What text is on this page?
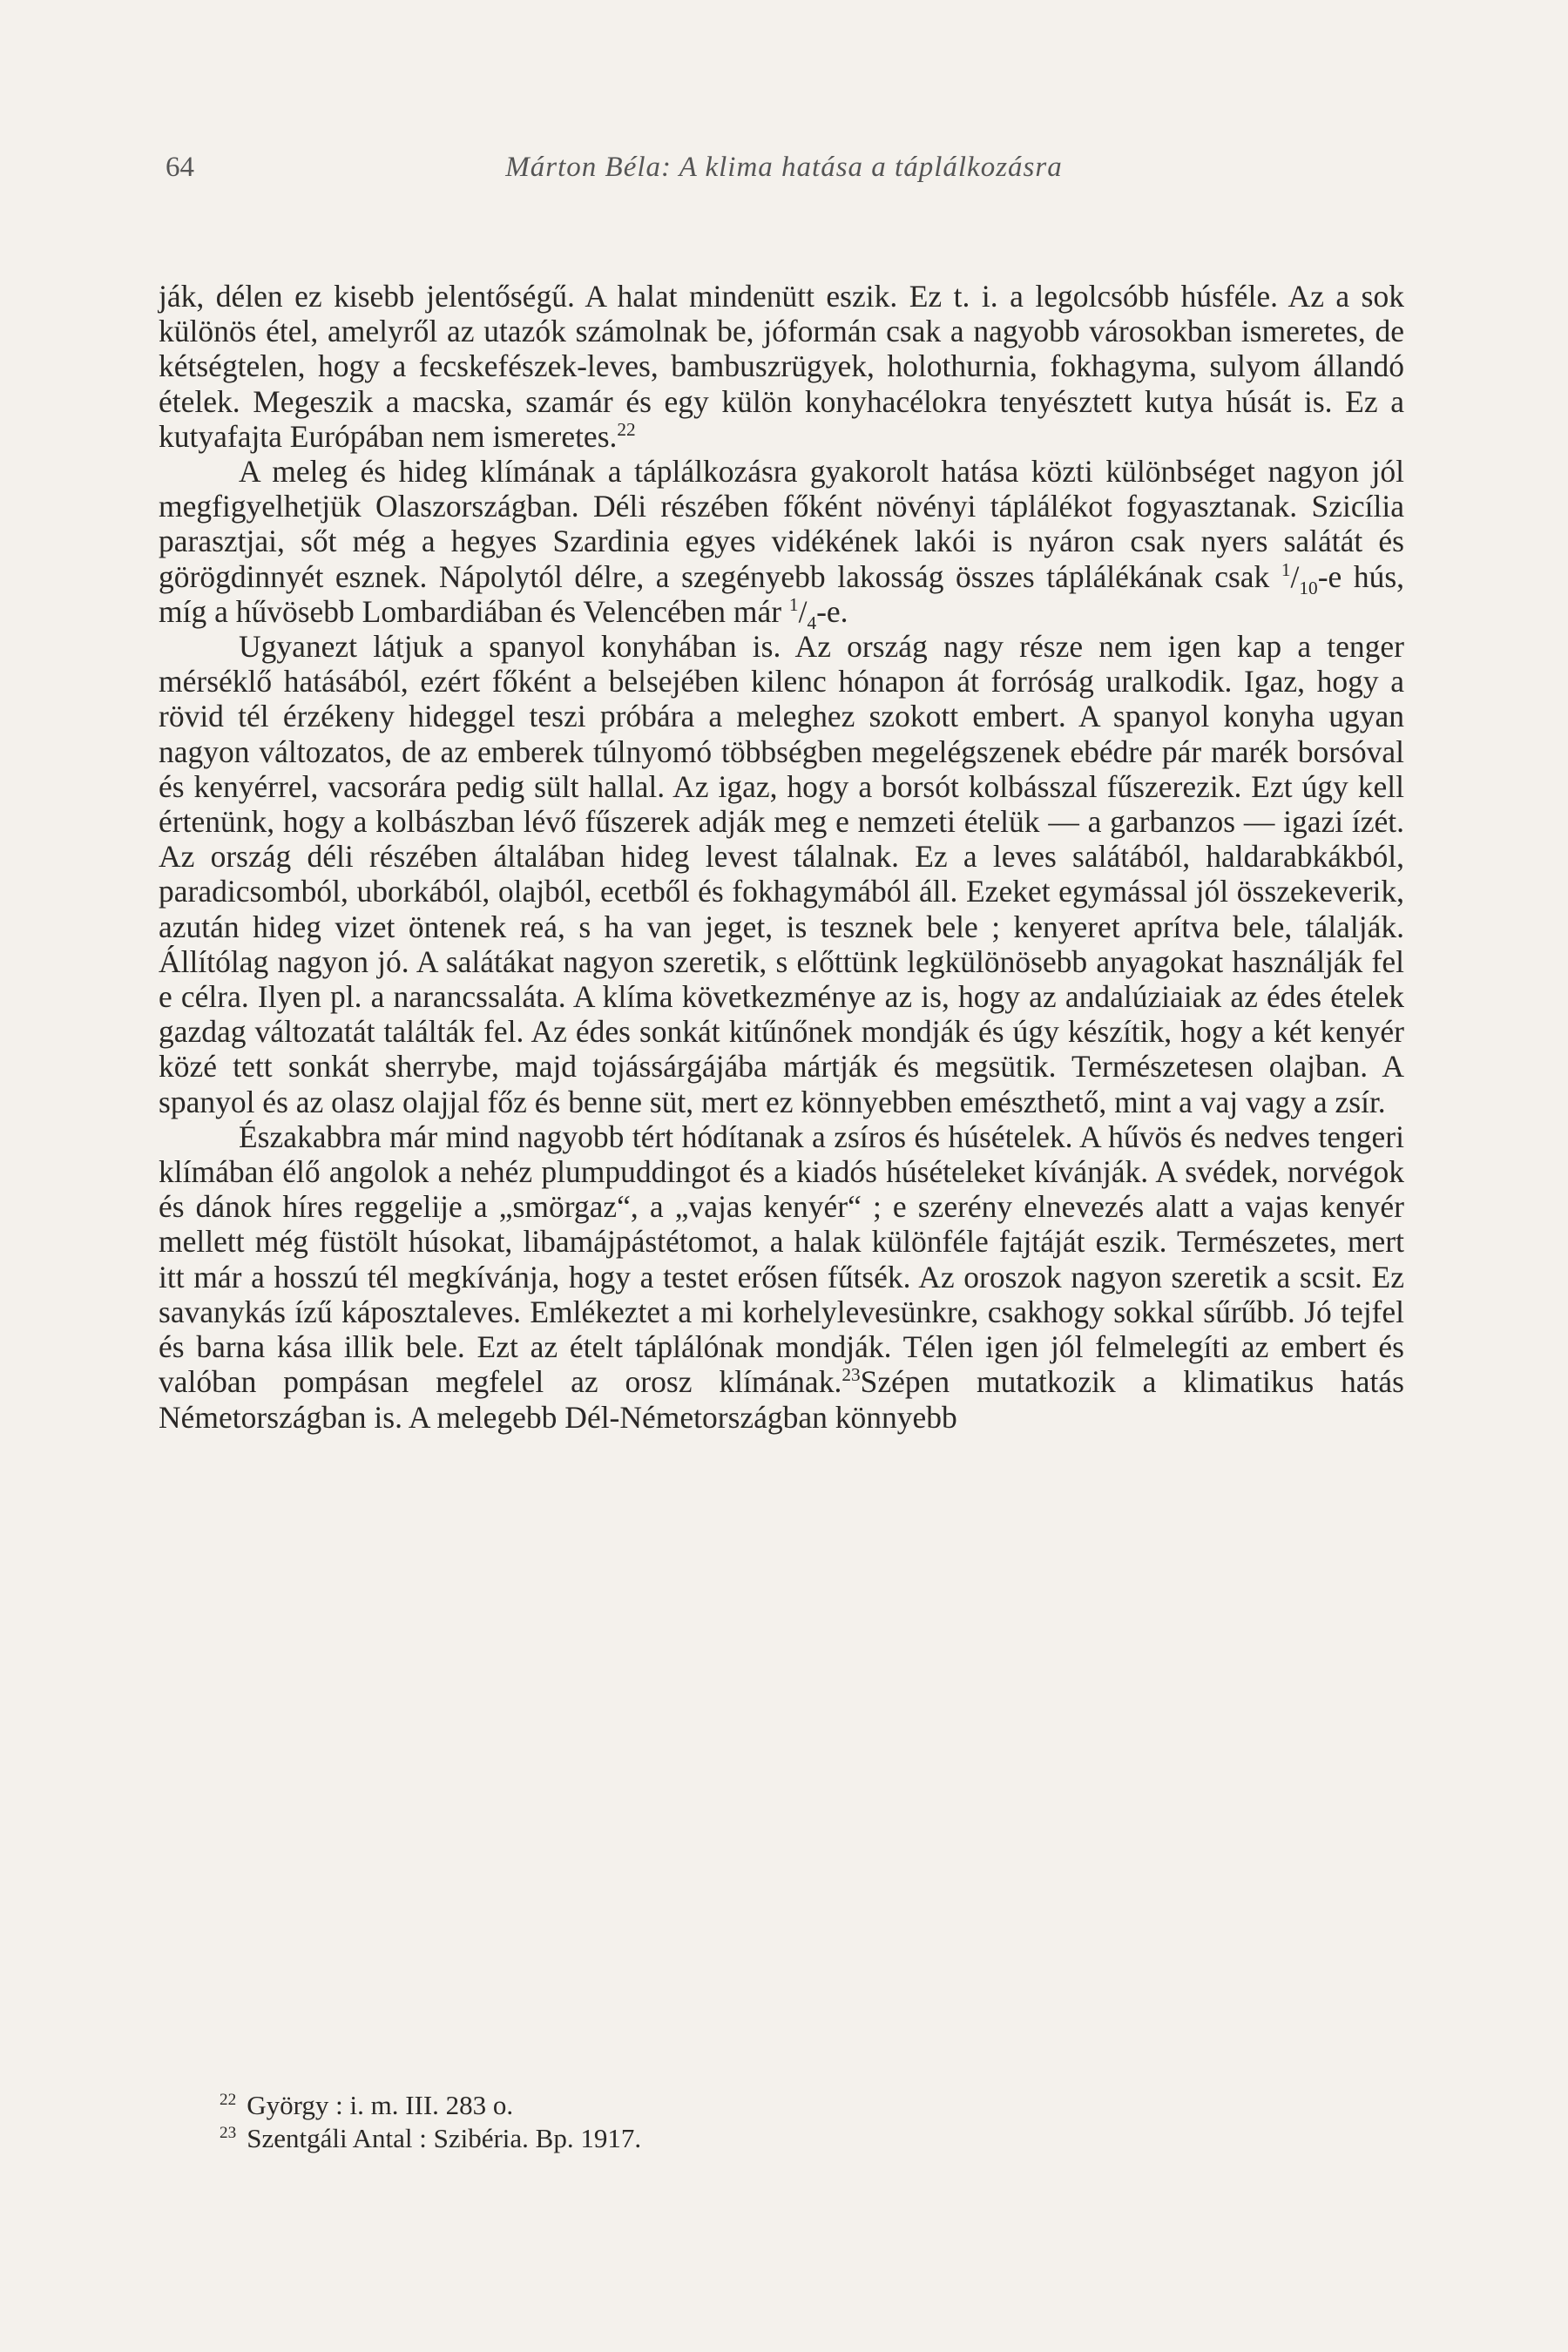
64	Márton Béla: A klima hatása a táplálkozásra

ják, délen ez kisebb jelentőségű. A halat mindenütt eszik. Ez t. i. a legolcsóbb húsféle. Az a sok különös étel, amelyről az utazók számolnak be, jóformán csak a nagyobb városokban ismeretes, de kétségtelen, hogy a fecskefészek-leves, bambuszrügyek, holothurnia, fokhagyma, sulyom állandó ételek. Megeszik a macska, szamár és egy külön konyhacélokra tenyésztett kutya húsát is. Ez a kutyafajta Európában nem ismeretes.$^{22}$

A meleg és hideg klímának a táplálkozásra gyakorolt hatása közti különbséget nagyon jól megfigyelhetjük Olaszországban. Déli részében főként növényi táplálékot fogyasztanak. Szicília parasztjai, sőt még a hegyes Szardinia egyes vidékének lakói is nyáron csak nyers salátát és görögdinnyét esznek. Nápolytól délre, a szegényebb lakosság összes táplálékának csak $^1/_{10}-e$ hús, míg a hűvösebb Lombardiában és Velencében már $^1/_4-e$.

Ugyanezt látjuk a spanyol konyhában is. Az ország nagy része nem igen kap a tenger mérséklő hatásából, ezért főként a belsejében kilenc hónapon át forróság uralkodik. Igaz, hogy a rövid tél érzékeny hideggel teszi próbára a meleghez szokott embert. A spanyol konyha ugyan nagyon változatos, de az emberek túlnyomó többségben megelégszenek ebédre pár marék borsóval és kenyérrel, vacsorára pedig sült hallal. Az igaz, hogy a borsót kolbásszal fűszerezik. Ezt úgy kell értenünk, hogy a kolbászban lévő fűszerek adják meg e nemzeti ételük — a garbanzos — igazi ízét. Az ország déli részében általában hideg levest tálalnak. Ez a leves salátából, haldarabkákból, paradicsomból, uborkából, olajból, ecetből és fokhagymából áll. Ezeket egymással jól összekeverik, azután hideg vizet öntenek reá, s ha van jeget, is tesznek bele ; kenyeret aprítva bele, tálalják. Állítólag nagyon jó. A salátákat nagyon szeretik, s előttünk legkülönösebb anyagokat használják fel e célra. Ilyen pl. a narancssaláta. A klíma következménye az is, hogy az andalúziaiak az édes ételek gazdag változatát találták fel. Az édes sonkát kitűnőnek mondják és úgy készítik, hogy a két kenyér közé tett sonkát sherrybe, majd tojássárgájába mártják és megsütik. Természetesen olajban. A spanyol és az olasz olajjal főz és benne süt, mert ez könnyebben emészthető, mint a vaj vagy a zsír.

Északabbra már mind nagyobb tért hódítanak a zsíros és húsételek. A hűvös és nedves tengeri klímában élő angolok a nehéz plumpuddingot és a kiadós húsételeket kívánják. A svédek, norvégok és dánok híres reggelije a „smörgaz“, a „vajas kenyér“ ; e szerény elnevezés alatt a vajas kenyér mellett még füstölt húsokat, libamájpástétomot, a halak különféle fajtáját eszik. Természetes, mert itt már a hosszú tél megkívánja, hogy a testet erősen fűtsék. Az oroszok nagyon szeretik a scsit. Ez savanykás ízű káposztaleves. Emlékeztet a mi korhelylevesünkre, csakhogy sokkal sűrűbb. Jó tejfel és barna kása illik bele. Ezt az ételt táplálónak mondják. Télen igen jól felmelegíti az embert és valóban pompásan megfelel az orosz klímának.$^{23}$Szépen mutatkozik a klimatikus hatás Németországban is. A melegebb Dél-Németországban könnyebb

$^{22}$ György : i. m. III. 283 o.
$^{23}$ Szentgáli Antal : Szibéria. Bp. 1917.
